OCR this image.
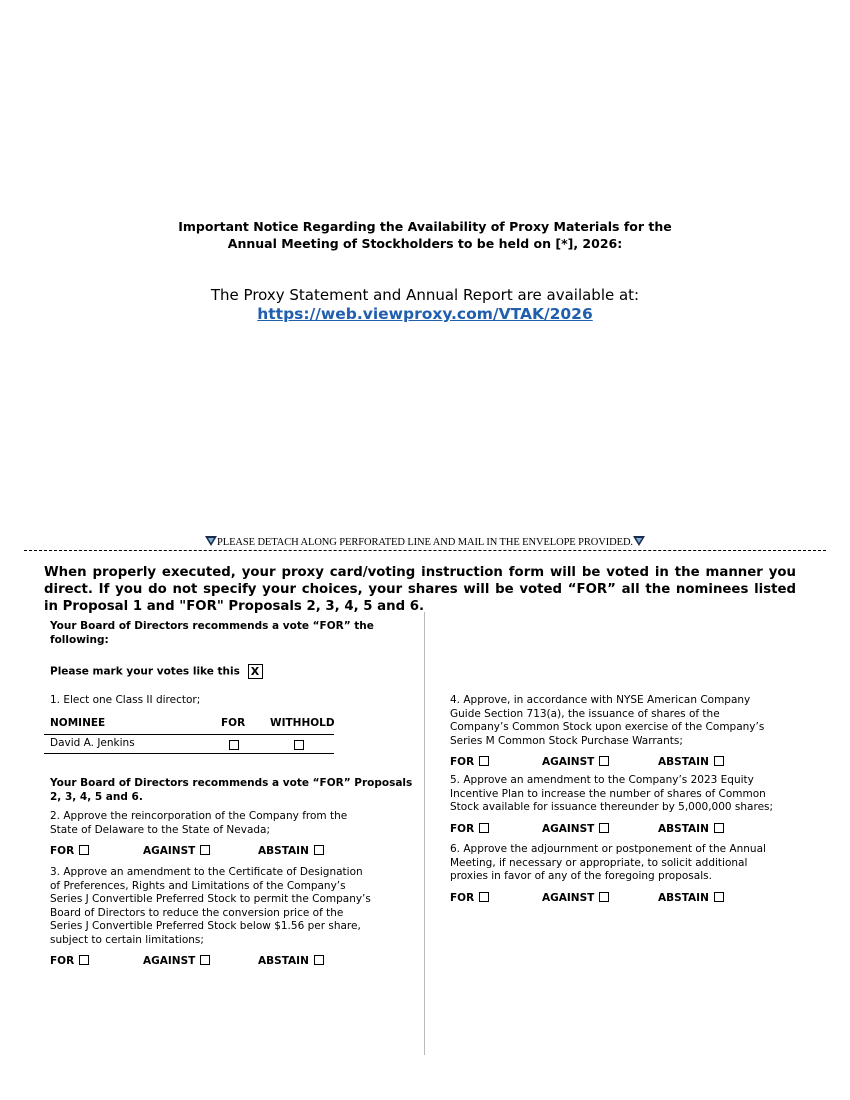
Important Notice Regarding the Availability of Proxy Materials for the
Annual Meeting of Stockholders to be held on [*], 2026:
The Proxy Statement and Annual Report are available at:
https://web.viewproxy.com/VTAK/2026
PLEASE DETACH ALONG PERFORATED LINE AND MAIL IN THE ENVELOPE PROVIDED.
When properly executed, your proxy card/voting instruction form will be voted in the manner you direct. If you do not specify your choices, your shares will be voted “FOR” all the nominees listed in Proposal 1 and "FOR" Proposals 2, 3, 4, 5 and 6.
Your Board of Directors recommends a vote “FOR” the
following:
Please mark your votes like this X
1. Elect one Class II director;
NOMINEE	FOR WITHHOLD
David A. Jenkins
Your Board of Directors recommends a vote “FOR” Proposals
2, 3, 4, 5 and 6.
2. Approve the reincorporation of the Company from the
State of Delaware to the State of Nevada;
FOR	AGAINST	ABSTAIN
3. Approve an amendment to the Certificate of Designation
of Preferences, Rights and Limitations of the Company’s
Series J Convertible Preferred Stock to permit the Company’s
Board of Directors to reduce the conversion price of the
Series J Convertible Preferred Stock below $1.56 per share,
subject to certain limitations;
FOR	AGAINST	ABSTAIN
4. Approve, in accordance with NYSE American Company
Guide Section 713(a), the issuance of shares of the
Company’s Common Stock upon exercise of the Company’s
Series M Common Stock Purchase Warrants;
FOR	AGAINST	ABSTAIN
5. Approve an amendment to the Company’s 2023 Equity
Incentive Plan to increase the number of shares of Common
Stock available for issuance thereunder by 5,000,000 shares;
FOR	AGAINST	ABSTAIN
6. Approve the adjournment or postponement of the Annual
Meeting, if necessary or appropriate, to solicit additional
proxies in favor of any of the foregoing proposals.
FOR	AGAINST	ABSTAIN
